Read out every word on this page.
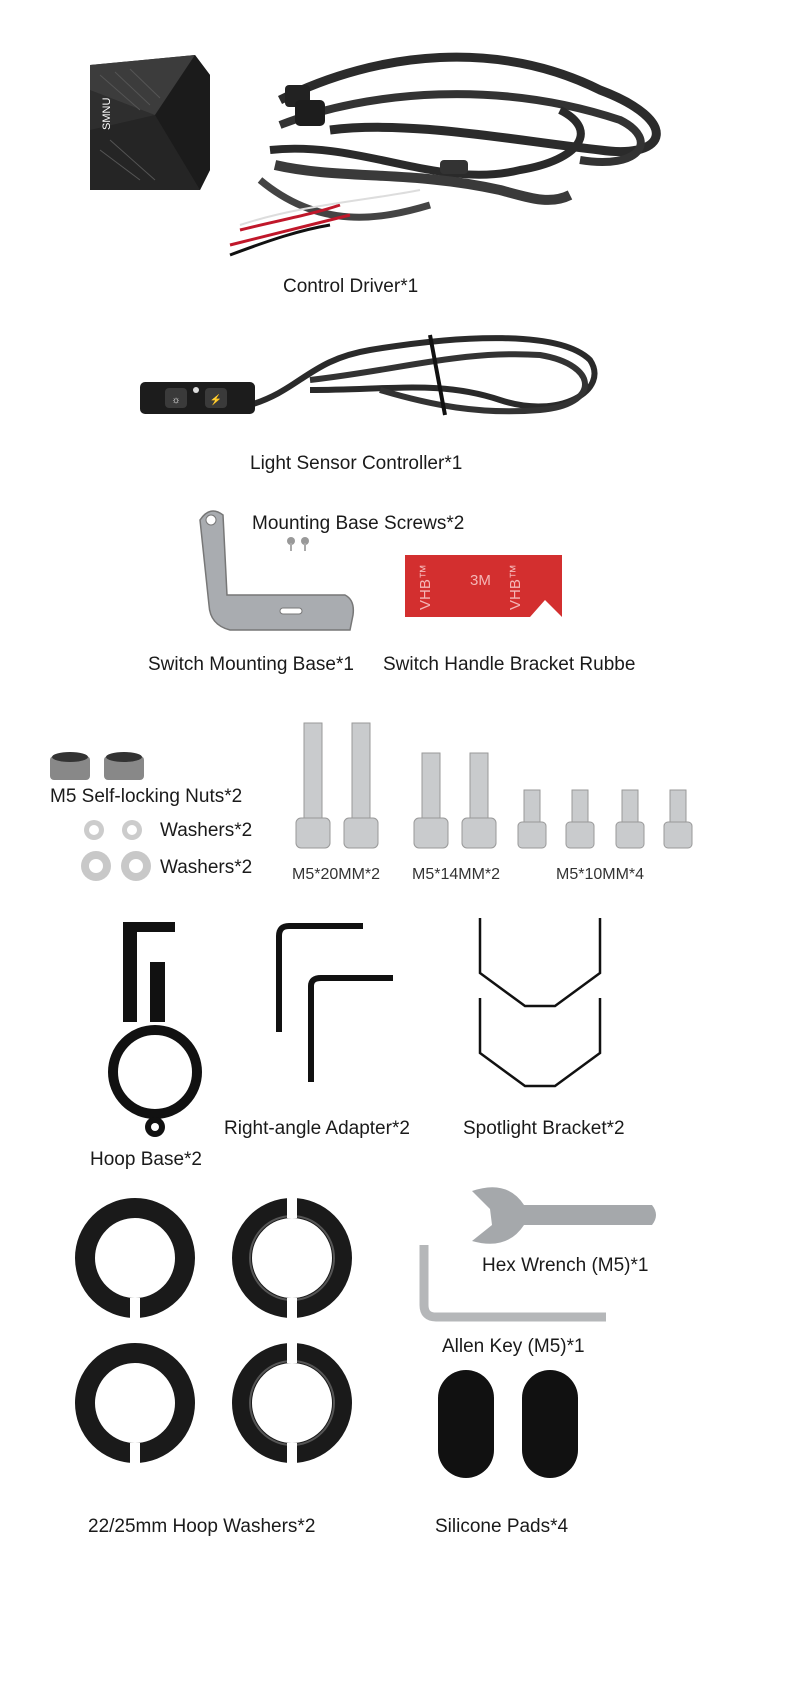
SMNU
Control Driver*1
☼	⚡
Light Sensor Controller*1
Mounting Base Screws*2
VHB™ 3M VHB™
Switch Mounting Base*1 Switch Handle Bracket Rubbe
M5 Self-locking Nuts*2
Washers*2
Washers*2 M5*20MM*2 M5*14MM*2	M5*10MM*4
Hoop Base*2
Right-angle Adapter*2	Spotlight Bracket*2
22/25mm Hoop Washers*2
Hex Wrench (M5)*1
Allen Key (M5)*1
Silicone Pads*4
